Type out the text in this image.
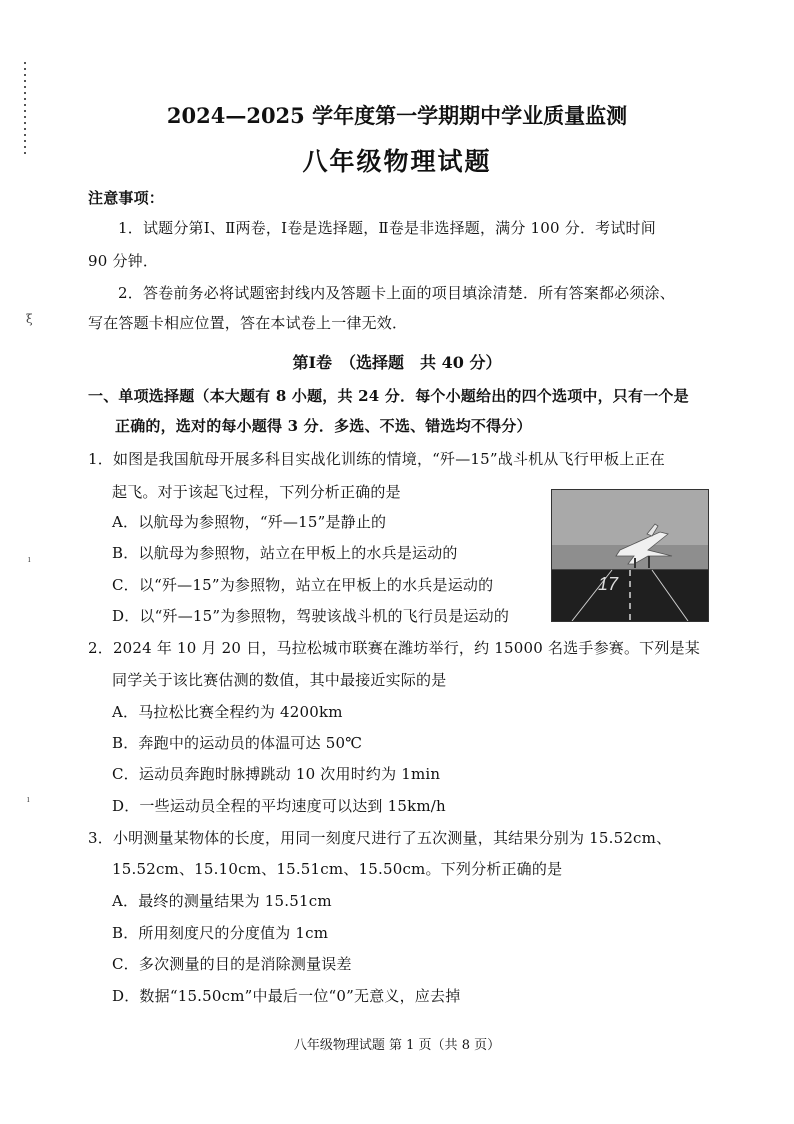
ξ
ˡ
ˡ
2024—2025 学年度第一学期期中学业质量监测
八年级物理试题
注意事项：
1．试题分第Ⅰ、Ⅱ两卷，Ⅰ卷是选择题，Ⅱ卷是非选择题，满分 100 分．考试时间
90 分钟．
2．答卷前务必将试题密封线内及答题卡上面的项目填涂清楚．所有答案都必须涂、
写在答题卡相应位置，答在本试卷上一律无效．
第Ⅰ卷　（选择题　共 40 分）
一、单项选择题（本大题有 8 小题，共 24 分．每个小题给出的四个选项中，只有一个是
正确的，选对的每小题得 3 分．多选、不选、错选均不得分）
1．如图是我国航母开展多科目实战化训练的情境，“歼—15”战斗机从飞行甲板上正在
起飞。对于该起飞过程，下列分析正确的是
A．以航母为参照物，“歼—15”是静止的
B．以航母为参照物，站立在甲板上的水兵是运动的
C．以“歼—15”为参照物，站立在甲板上的水兵是运动的
D．以“歼—15”为参照物，驾驶该战斗机的飞行员是运动的
17
2．2024 年 10 月 20 日，马拉松城市联赛在潍坊举行，约 15000 名选手参赛。下列是某
同学关于该比赛估测的数值，其中最接近实际的是
A．马拉松比赛全程约为 4200km
B．奔跑中的运动员的体温可达 50℃
C．运动员奔跑时脉搏跳动 10 次用时约为 1min
D．一些运动员全程的平均速度可以达到 15km/h
3．小明测量某物体的长度，用同一刻度尺进行了五次测量，其结果分别为 15.52cm、
15.52cm、15.10cm、15.51cm、15.50cm。下列分析正确的是
A．最终的测量结果为 15.51cm
B．所用刻度尺的分度值为 1cm
C．多次测量的目的是消除测量误差
D．数据“15.50cm”中最后一位“0”无意义，应去掉
八年级物理试题 第 1 页（共 8 页）
